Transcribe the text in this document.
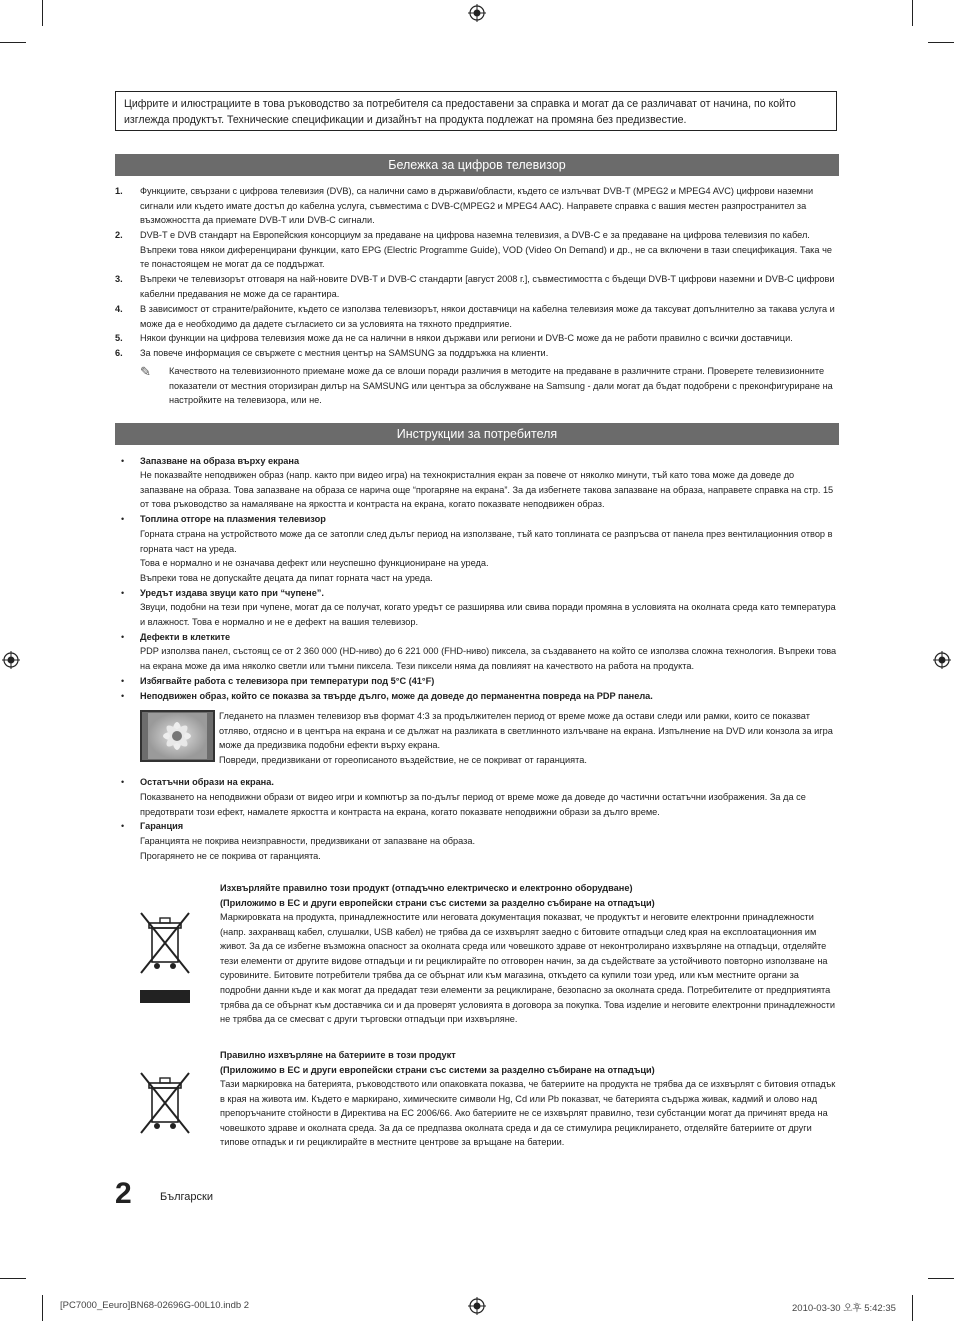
Цифрите и илюстрациите в това ръководство за потребителя са предоставени за справка и могат да се различават от начина, по който изглежда продуктът. Технические спецификации и дизайнът на продукта подлежат на промяна без предизвестие.
Бележка за цифров телевизор
1. Функциите, свързани с цифрова телевизия (DVB), са налични само в държави/области, където се излъчват DVB-T (MPEG2 и MPEG4 AVC) цифрови наземни сигнали или където имате достъп до кабелна услуга, съвместима с DVB-C(MPEG2 и MPEG4 AAC). Направете справка с вашия местен разпространител за възможността да приемате DVB-T или DVB-C сигнали.
2. DVB-T е DVB стандарт на Европейския консорциум за предаване на цифрова наземна телевизия, а DVB-C е за предаване на цифрова телевизия по кабел. Въпреки това някои диференцирани функции, като EPG (Electric Programme Guide), VOD (Video On Demand) и др., не са включени в тази спецификация. Така че те понастоящем не могат да се поддържат.
3. Въпреки че телевизорът отговаря на най-новите DVB-T и DVB-C стандарти [август 2008 г.], съвместимостта с бъдещи DVB-T цифрови наземни и DVB-C цифрови кабелни предавания не може да се гарантира.
4. В зависимост от страните/районите, където се използва телевизорът, някои доставчици на кабелна телевизия може да таксуват допълнително за такава услуга и може да е необходимо да дадете съгласието си за условията на тяхното предприятие.
5. Някои функции на цифрова телевизия може да не са налични в някои държави или региони и DVB-C може да не работи правилно с всички доставчици.
6. За повече информация се свържете с местния център на SAMSUNG за поддръжка на клиенти.
✎ Качеството на телевизионното приемане може да се влоши поради различия в методите на предаване в различните страни. Проверете телевизионните показатели от местния оторизиран дилър на SAMSUNG или центъра за обслужване на Samsung - дали могат да бъдат подобрени с преконфигуриране на настройките на телевизора, или не.
Инструкции за потребителя
• Запазване на образа върху екрана
Не показвайте неподвижен образ (напр. както при видео игра) на технокристалния екран за повече от няколко минути, тъй като това може да доведе до запазване на образа. Това запазване на образа се нарича още “прогаряне на екрана”. За да избегнете такова запазване на образа, направете справка на стр. 15 от това ръководство за намаляване на яркостта и контраста на екрана, когато показвате неподвижен образ.
• Топлина отгоре на плазмения телевизор
Горната страна на устройството може да се затопли след дълъг период на използване, тъй като топлината се разпръсва от панела през вентилационния отвор в горната част на уреда.
Това е нормално и не означава дефект или неуспешно функциониране на уреда.
Въпреки това не допускайте децата да пипат горната част на уреда.
• Уредът издава звуци като при “чупене”.
Звуци, подобни на тези при чупене, могат да се получат, когато уредът се разширява или свива поради промяна в условията на околната среда като температура и влажност. Това е нормално и не е дефект на вашия телевизор.
• Дефекти в клетките
PDP използва панел, състоящ се от 2 360 000 (HD-ниво) до 6 221 000 (FHD-ниво) пиксела, за създаването на който се използва сложна технология. Въпреки това на екрана може да има няколко светли или тъмни пиксела. Тези пиксели няма да повлияят на качеството на работа на продукта.
• Избягвайте работа с телевизора при температури под 5°C (41°F)
• Неподвижен образ, който се показва за твърде дълго, може да доведе до перманентна повреда на PDP панела.
Гледането на плазмен телевизор във формат 4:3 за продължителен период от време може да остави следи или рамки, които се показват отляво, отдясно и в центъра на екрана и се дължат на разликата в светлинното излъчване на екрана. Изпълнение на DVD или конзола за игра може да предизвика подобни ефекти върху екрана.
Повреди, предизвикани от гореописаното въздействие, не се покриват от гаранцията.
• Остатъчни образи на екрана.
Показването на неподвижни образи от видео игри и компютър за по-дълъг период от време може да доведе до частични остатъчни изображения. За да се предотврати този ефект, намалете яркостта и контраста на екрана, когато показвате неподвижни образи за дълго време.
• Гаранция
Гаранцията не покрива неизправности, предизвикани от запазване на образа.
Прогарянето не се покрива от гаранцията.
Изхвърляйте правилно този продукт (отпадъчно електрическо и електронно оборудване)
(Приложимо в ЕС и други европейски страни със системи за разделно събиране на отпадъци)
Маркировката на продукта, принадлежностите или неговата документация показват, че продуктът и неговите електронни принадлежности (напр. захранващ кабел, слушалки, USB кабел) не трябва да се изхвърлят заедно с битовите отпадъци след края на експлоатационния им живот. За да се избегне възможна опасност за околната среда или човешкото здраве от неконтролирано изхвърляне на отпадъци, отделяйте тези елементи от другите видове отпадъци и ги рециклирайте по отговорен начин, за да съдействате за устойчивото повторно използване на суровините. Битовите потребители трябва да се обърнат или към магазина, откъдето са купили този уред, или към местните органи за подробни данни къде и как могат да предадат тези елементи за рециклиране, безопасно за околната среда. Потребителите от предприятията трябва да се обърнат към доставчика си и да проверят условията в договора за покупка. Това изделие и неговите електронни принадлежности не трябва да се смесват с други търговски отпадъци при изхвърляне.
Правилно изхвърляне на батериите в този продукт
(Приложимо в ЕС и други европейски страни със системи за разделно събиране на отпадъци)
Тази маркировка на батерията, ръководството или опаковката показва, че батериите на продукта не трябва да се изхвърлят с битовия отпадък в края на живота им. Където е маркирано, химическите символи Hg, Cd или Pb показват, че батерията съдържа живак, кадмий и олово над препоръчаните стойности в Директива на ЕС 2006/66. Ако батериите не се изхвърлят правилно, тези субстанции могат да причинят вреда на човешкото здраве и околната среда. За да се предпазва околната среда и да се стимулира рециклирането, отделяйте батериите от други типове отпадък и ги рециклирайте в местните центрове за връщане на батерии.
2	Български
[PC7000_Eeuro]BN68-02696G-00L10.indb 2	2010-03-30 오후 5:42:35
